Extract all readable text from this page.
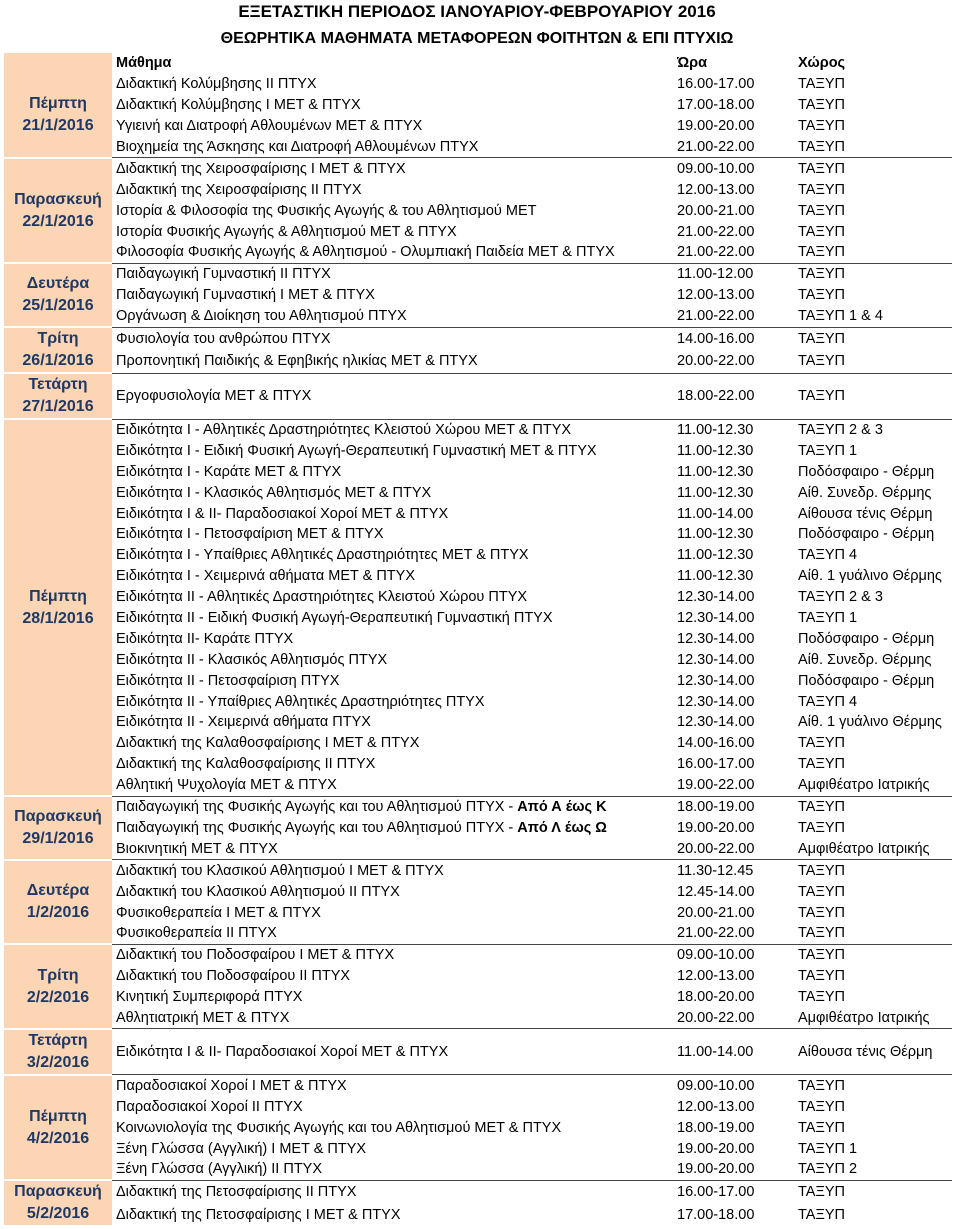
ΕΞΕΤΑΣΤΙΚΗ ΠΕΡΙΟΔΟΣ ΙΑΝΟΥΑΡΙΟΥ-ΦΕΒΡΟΥΑΡΙΟΥ 2016
ΘΕΩΡΗΤΙΚΑ ΜΑΘΗΜΑΤΑ ΜΕΤΑΦΟΡΕΩΝ ΦΟΙΤΗΤΩΝ & ΕΠΙ ΠΤΥΧΙΩ
	Μάθημα	Ώρα	Χώρος

Πέμπτη
21/1/2016	Διδακτική Κολύμβησης ΙΙ ΠΤΥΧ	16.00-17.00	ΤΑΞΥΠ
	Διδακτική Κολύμβησης Ι ΜΕΤ & ΠΤΥΧ	17.00-18.00	ΤΑΞΥΠ
	Υγιεινή και Διατροφή Αθλουμένων ΜΕΤ & ΠΤΥΧ	19.00-20.00	ΤΑΞΥΠ
	Βιοχημεία της Άσκησης και Διατροφή Αθλουμένων ΠΤΥΧ	21.00-22.00	ΤΑΞΥΠ

Παρασκευή
22/1/2016	Διδακτική της Χειροσφαίρισης Ι ΜΕΤ & ΠΤΥΧ	09.00-10.00	ΤΑΞΥΠ
	Διδακτική της Χειροσφαίρισης ΙΙ ΠΤΥΧ	12.00-13.00	ΤΑΞΥΠ
	Ιστορία & Φιλοσοφία της Φυσικής Αγωγής & του Αθλητισμού ΜΕΤ	20.00-21.00	ΤΑΞΥΠ
	Ιστορία Φυσικής Αγωγής & Αθλητισμού ΜΕΤ & ΠΤΥΧ	21.00-22.00	ΤΑΞΥΠ
	Φιλοσοφία Φυσικής Αγωγής & Αθλητισμού - Ολυμπιακή Παιδεία ΜΕΤ & ΠΤΥΧ	21.00-22.00	ΤΑΞΥΠ

Δευτέρα
25/1/2016	Παιδαγωγική Γυμναστική ΙΙ ΠΤΥΧ	11.00-12.00	ΤΑΞΥΠ
	Παιδαγωγική Γυμναστική Ι ΜΕΤ & ΠΤΥΧ	12.00-13.00	ΤΑΞΥΠ
	Οργάνωση & Διοίκηση του Αθλητισμού ΠΤΥΧ	21.00-22.00	ΤΑΞΥΠ 1 & 4

Τρίτη
26/1/2016	Φυσιολογία του ανθρώπου ΠΤΥΧ	14.00-16.00	ΤΑΞΥΠ
	Προπονητική Παιδικής & Εφηβικής ηλικίας ΜΕΤ & ΠΤΥΧ	20.00-22.00	ΤΑΞΥΠ

Τετάρτη
27/1/2016	Εργοφυσιολογία ΜΕΤ & ΠΤΥΧ	18.00-22.00	ΤΑΞΥΠ

Πέμπτη
28/1/2016	Ειδικότητα Ι - Αθλητικές Δραστηριότητες Κλειστού Χώρου ΜΕΤ & ΠΤΥΧ	11.00-12.30	ΤΑΞΥΠ 2 & 3
	Ειδικότητα Ι - Ειδική Φυσική Αγωγή-Θεραπευτική Γυμναστική ΜΕΤ & ΠΤΥΧ	11.00-12.30	ΤΑΞΥΠ 1
	Ειδικότητα Ι - Καράτε ΜΕΤ & ΠΤΥΧ	11.00-12.30	Ποδόσφαιρο - Θέρμη
	Ειδικότητα Ι - Κλασικός Αθλητισμός ΜΕΤ & ΠΤΥΧ	11.00-12.30	Αίθ. Συνεδρ. Θέρμης
	Ειδικότητα Ι & ΙΙ- Παραδοσιακοί Χοροί ΜΕΤ & ΠΤΥΧ	11.00-14.00	Αίθουσα τένις Θέρμη
	Ειδικότητα Ι - Πετοσφαίριση ΜΕΤ & ΠΤΥΧ	11.00-12.30	Ποδόσφαιρο - Θέρμη
	Ειδικότητα Ι - Υπαίθριες Αθλητικές Δραστηριότητες ΜΕΤ & ΠΤΥΧ	11.00-12.30	ΤΑΞΥΠ 4
	Ειδικότητα Ι - Χειμερινά αθήματα ΜΕΤ & ΠΤΥΧ	11.00-12.30	Αίθ. 1 γυάλινο Θέρμης
	Ειδικότητα ΙΙ - Αθλητικές Δραστηριότητες Κλειστού Χώρου ΠΤΥΧ	12.30-14.00	ΤΑΞΥΠ 2 & 3
	Ειδικότητα ΙΙ - Ειδική Φυσική Αγωγή-Θεραπευτική Γυμναστική ΠΤΥΧ	12.30-14.00	ΤΑΞΥΠ 1
	Ειδικότητα ΙΙ- Καράτε ΠΤΥΧ	12.30-14.00	Ποδόσφαιρο - Θέρμη
	Ειδικότητα ΙΙ - Κλασικός Αθλητισμός ΠΤΥΧ	12.30-14.00	Αίθ. Συνεδρ. Θέρμης
	Ειδικότητα ΙΙ - Πετοσφαίριση ΠΤΥΧ	12.30-14.00	Ποδόσφαιρο - Θέρμη
	Ειδικότητα ΙΙ - Υπαίθριες Αθλητικές Δραστηριότητες ΠΤΥΧ	12.30-14.00	ΤΑΞΥΠ 4
	Ειδικότητα ΙΙ - Χειμερινά αθήματα ΠΤΥΧ	12.30-14.00	Αίθ. 1 γυάλινο Θέρμης
	Διδακτική της Καλαθοσφαίρισης Ι ΜΕΤ & ΠΤΥΧ	14.00-16.00	ΤΑΞΥΠ
	Διδακτική της Καλαθοσφαίρισης ΙΙ ΠΤΥΧ	16.00-17.00	ΤΑΞΥΠ
	Αθλητική Ψυχολογία ΜΕΤ & ΠΤΥΧ	19.00-22.00	Αμφιθέατρο Ιατρικής

Παρασκευή
29/1/2016	Παιδαγωγική της Φυσικής Αγωγής και του Αθλητισμού ΠΤΥΧ - Από Α έως Κ	18.00-19.00	ΤΑΞΥΠ
	Παιδαγωγική της Φυσικής Αγωγής και του Αθλητισμού ΠΤΥΧ - Από Λ έως Ω	19.00-20.00	ΤΑΞΥΠ
	Βιοκινητική ΜΕΤ & ΠΤΥΧ	20.00-22.00	Αμφιθέατρο Ιατρικής

Δευτέρα
1/2/2016	Διδακτική του Κλασικού Αθλητισμού Ι ΜΕΤ & ΠΤΥΧ	11.30-12.45	ΤΑΞΥΠ
	Διδακτική του Κλασικού Αθλητισμού ΙΙ ΠΤΥΧ	12.45-14.00	ΤΑΞΥΠ
	Φυσικοθεραπεία Ι ΜΕΤ & ΠΤΥΧ	20.00-21.00	ΤΑΞΥΠ
	Φυσικοθεραπεία ΙΙ ΠΤΥΧ	21.00-22.00	ΤΑΞΥΠ

Τρίτη
2/2/2016	Διδακτική του Ποδοσφαίρου Ι ΜΕΤ & ΠΤΥΧ	09.00-10.00	ΤΑΞΥΠ
	Διδακτική του Ποδοσφαίρου ΙΙ ΠΤΥΧ	12.00-13.00	ΤΑΞΥΠ
	Κινητική Συμπεριφορά ΠΤΥΧ	18.00-20.00	ΤΑΞΥΠ
	Αθλητιατρική ΜΕΤ & ΠΤΥΧ	20.00-22.00	Αμφιθέατρο Ιατρικής

Τετάρτη
3/2/2016	Ειδικότητα Ι & ΙΙ- Παραδοσιακοί Χοροί ΜΕΤ & ΠΤΥΧ	11.00-14.00	Αίθουσα τένις Θέρμη

Πέμπτη
4/2/2016	Παραδοσιακοί Χοροί Ι ΜΕΤ & ΠΤΥΧ	09.00-10.00	ΤΑΞΥΠ
	Παραδοσιακοί Χοροί ΙΙ ΠΤΥΧ	12.00-13.00	ΤΑΞΥΠ
	Κοινωνιολογία της Φυσικής Αγωγής και του Αθλητισμού ΜΕΤ & ΠΤΥΧ	18.00-19.00	ΤΑΞΥΠ
	Ξένη Γλώσσα (Αγγλική) Ι ΜΕΤ & ΠΤΥΧ	19.00-20.00	ΤΑΞΥΠ 1
	Ξένη Γλώσσα (Αγγλική) ΙΙ ΠΤΥΧ	19.00-20.00	ΤΑΞΥΠ 2

Παρασκευή
5/2/2016	Διδακτική της Πετοσφαίρισης ΙΙ ΠΤΥΧ	16.00-17.00	ΤΑΞΥΠ
	Διδακτική της Πετοσφαίρισης Ι ΜΕΤ & ΠΤΥΧ	17.00-18.00	ΤΑΞΥΠ
